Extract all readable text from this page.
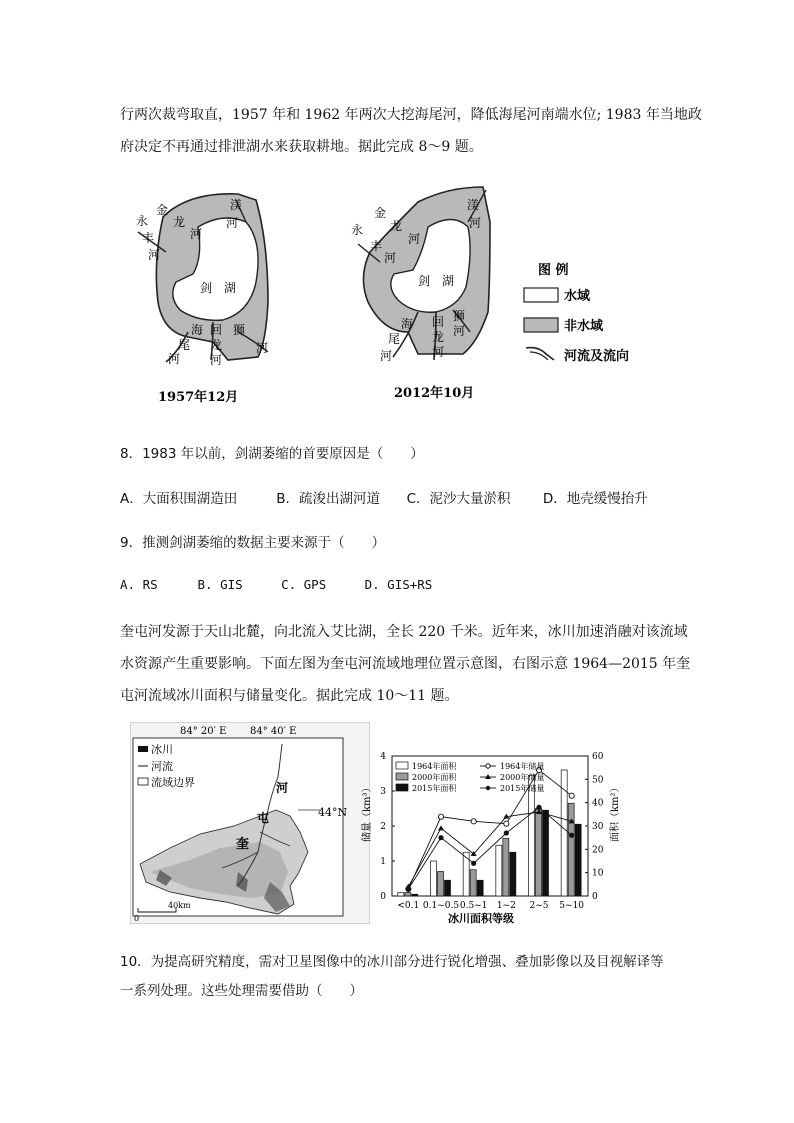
行两次裁弯取直，1957 年和 1962 年两次大挖海尾河，降低海尾河南端水位; 1983 年当地政
府决定不再通过排泄湖水来获取耕地。据此完成 8～9 题。
金
龙
河
永
丰
河
渼
河
剑　湖
海
尾
河
回
龙
河
狮
河
1957年12月
金
龙
河
永
丰
河
渼
河
剑　湖
海
尾
河
回
龙
河
狮
河
2012年10月
图 例
水域
非水域
河流及流向
8．1983 年以前，剑湖萎缩的首要原因是（　　）
A．大面积围湖造田	B．疏浚出湖河道 C．泥沙大量淤积 D．地壳缓慢抬升
9．推测剑湖萎缩的数据主要来源于（　　）
A. RS	B. GIS	C. GPS	D. GIS+RS
奎屯河发源于天山北麓，向北流入艾比湖，全长 220 千米。近年来，冰川加速消融对该流域
水资源产生重要影响。下面左图为奎屯河流域地理位置示意图，右图示意 1964—2015 年奎
屯河流域冰川面积与储量变化。据此完成 10～11 题。
84° 20′ E 84° 40′ E
44°N
河
屯
奎
冰川
河流
流域边界
0
40km
储量（km³）	面积（km²）
冰川面积等级
0
1
2
3
4
0
10
20
30
40
50
60
<0.1 0.1~0.5 0.5~1 1~2 2~5 5~10
1964年面积
2000年面积
2015年面积
1964年储量
2000年储量
2015年储量
10．为提高研究精度，需对卫星图像中的冰川部分进行锐化增强、叠加影像以及目视解译等
一系列处理。这些处理需要借助（　　）
